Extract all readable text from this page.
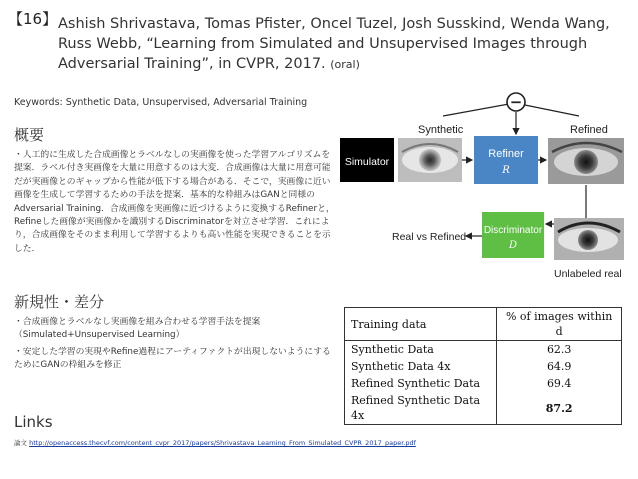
【16】 Ashish Shrivastava, Tomas Pfister, Oncel Tuzel, Josh Susskind, Wenda Wang, Russ Webb, “Learning from Simulated and Unsupervised Images through Adversarial Training”, in CVPR, 2017. (oral)
Keywords: Synthetic Data, Unsupervised, Adversarial Training
概要
・人工的に生成した合成画像とラベルなしの実画像を使った学習アルゴリズムを提案．ラベル付き実画像を大量に用意するのは大変．合成画像は大量に用意可能だが実画像とのギャップから性能が低下する場合がある．そこで，実画像に近い画像を生成して学習するための手法を提案．基本的な枠組みはGANと同様のAdversarial Training．合成画像を実画像に近づけるように変換するRefinerと，Refineした画像が実画像かを識別するDiscriminatorを対立させ学習．これにより，合成画像をそのまま利用して学習するよりも高い性能を実現できることを示した．
−
Synthetic	Refined
Simulator
Refiner
R
Discriminator
D
Real vs Refined
Unlabeled real
新規性・差分

・合成画像とラベルなし実画像を組み合わせる学習手法を提案（Simulated+Unsupervised Learning）

・安定した学習の実現やRefine過程にアーティファクトが出現しないようにするためにGANの枠組みを修正

Training data	% of images within d
Synthetic Data	62.3
Synthetic Data 4x	64.9
Refined Synthetic Data	69.4
Refined Synthetic Data 4x	87.2
Links
論文 http://openaccess.thecvf.com/content_cvpr_2017/papers/Shrivastava_Learning_From_Simulated_CVPR_2017_paper.pdf
